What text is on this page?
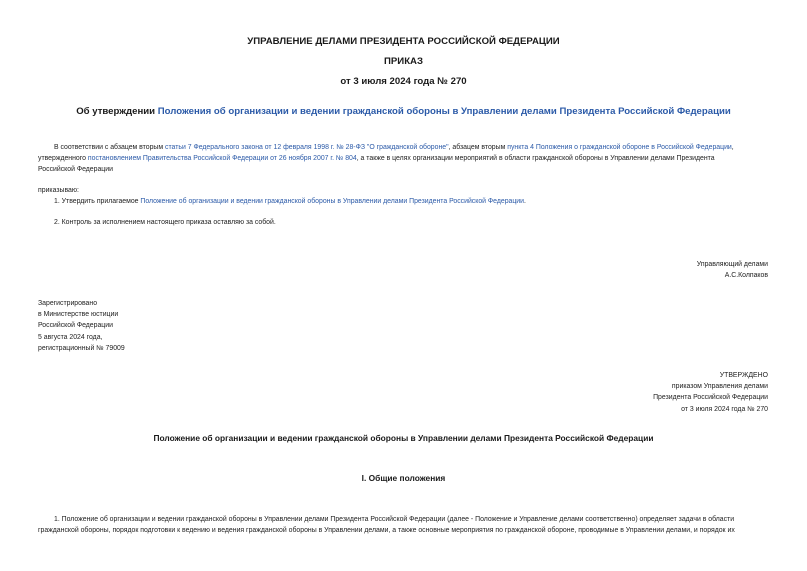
УПРАВЛЕНИЕ ДЕЛАМИ ПРЕЗИДЕНТА РОССИЙСКОЙ ФЕДЕРАЦИИ
ПРИКАЗ
от 3 июля 2024 года № 270
Об утверждении Положения об организации и ведении гражданской обороны в Управлении делами Президента Российской Федерации
В соответствии с абзацем вторым статьи 7 Федерального закона от 12 февраля 1998 г. № 28-ФЗ "О гражданской обороне", абзацем вторым пункта 4 Положения о гражданской обороне в Российской Федерации,
утвержденного постановлением Правительства Российской Федерации от 26 ноября 2007 г. № 804, а также в целях организации мероприятий в области гражданской обороны в Управлении делами Президента
Российской Федерации
приказываю:
1. Утвердить прилагаемое Положение об организации и ведении гражданской обороны в Управлении делами Президента Российской Федерации.
2. Контроль за исполнением настоящего приказа оставляю за собой.
Управляющий делами
А.С.Колпаков
Зарегистрировано
в Министерстве юстиции
Российской Федерации
5 августа 2024 года,
регистрационный № 79009
УТВЕРЖДЕНО
приказом Управления делами
Президента Российской Федерации
от 3 июля 2024 года № 270
Положение об организации и ведении гражданской обороны в Управлении делами Президента Российской Федерации
I. Общие положения
1. Положение об организации и ведении гражданской обороны в Управлении делами Президента Российской Федерации (далее - Положение и Управление делами соответственно) определяет задачи в области
гражданской обороны, порядок подготовки к ведению и ведения гражданской обороны в Управлении делами, а также основные мероприятия по гражданской обороне, проводимые в Управлении делами, и порядок их
